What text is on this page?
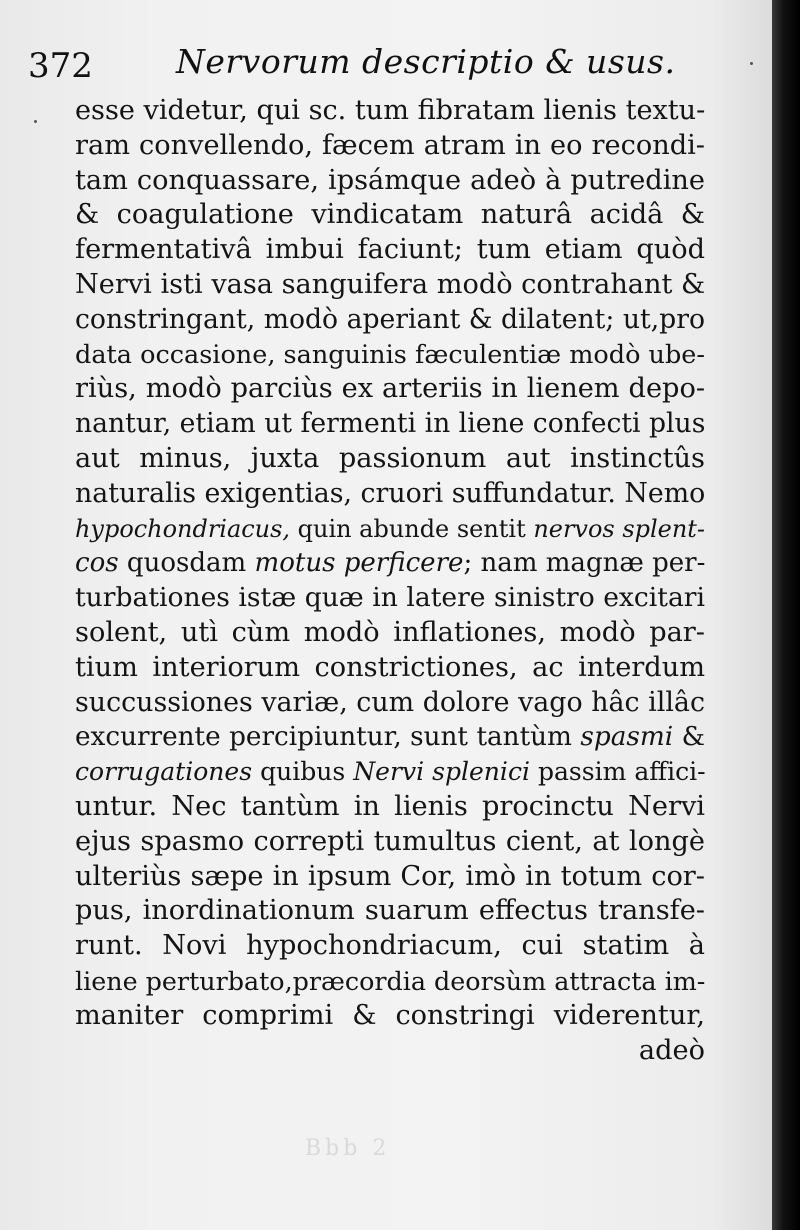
372	Nervorum descriptio & usus.
esse videtur, qui sc. tum fibratam lienis textu-
ram convellendo, fæcem atram in eo recondi-
tam conquassare, ipsámque adeò à putredine
& coagulatione vindicatam naturâ acidâ &
fermentativâ imbui faciunt; tum etiam quòd
Nervi isti vasa sanguifera modò contrahant &
constringant, modò aperiant & dilatent; ut,pro
data occasione, sanguinis fæculentiæ modò ube-
riùs, modò parciùs ex arteriis in lienem depo-
nantur, etiam ut fermenti in liene confecti plus
aut minus, juxta passionum aut instinctûs
naturalis exigentias, cruori suffundatur. Nemo
hypochondriacus, quin abunde sentit nervos splent-
cos quosdam motus perficere; nam magnæ per-
turbationes istæ quæ in latere sinistro excitari
solent, utì cùm modò inflationes, modò par-
tium interiorum constrictiones, ac interdum
succussiones variæ, cum dolore vago hâc illâc
excurrente percipiuntur, sunt tantùm spasmi &
corrugationes quibus Nervi splenici passim affici-
untur. Nec tantùm in lienis procinctu Nervi
ejus spasmo correpti tumultus cient, at longè
ulteriùs sæpe in ipsum Cor, imò in totum cor-
pus, inordinationum suarum effectus transfe-
runt. Novi hypochondriacum, cui statim à
liene perturbato,præcordia deorsùm attracta im-
maniter comprimi & constringi viderentur,
adeò
Bbb 2
